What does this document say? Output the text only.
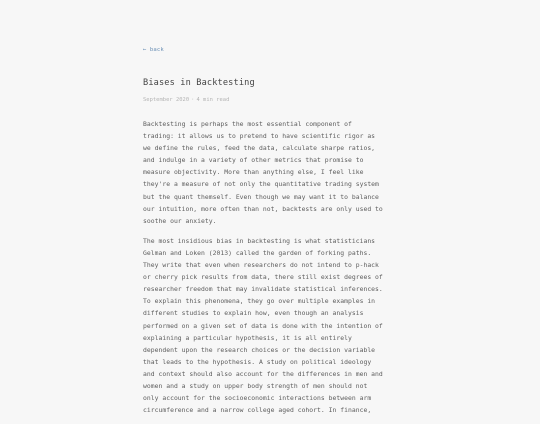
← back
Biases in Backtesting
September 2020 · 4 min read

Backtesting is perhaps the most essential component of
trading: it allows us to pretend to have scientific rigor as
we define the rules, feed the data, calculate sharpe ratios,
and indulge in a variety of other metrics that promise to
measure objectivity. More than anything else, I feel like
they're a measure of not only the quantitative trading system
but the quant themself. Even though we may want it to balance
our intuition, more often than not, backtests are only used to
soothe our anxiety.

The most insidious bias in backtesting is what statisticians
Gelman and Loken (2013) called the garden of forking paths.
They write that even when researchers do not intend to p-hack
or cherry pick results from data, there still exist degrees of
researcher freedom that may invalidate statistical inferences.
To explain this phenomena, they go over multiple examples in
different studies to explain how, even though an analysis
performed on a given set of data is done with the intention of
explaining a particular hypothesis, it is all entirely
dependent upon the research choices or the decision variable
that leads to the hypothesis. A study on political ideology
and context should also account for the differences in men and
women and a study on upper body strength of men should not
only account for the socioeconomic interactions between arm
circumference and a narrow college aged cohort. In finance,
